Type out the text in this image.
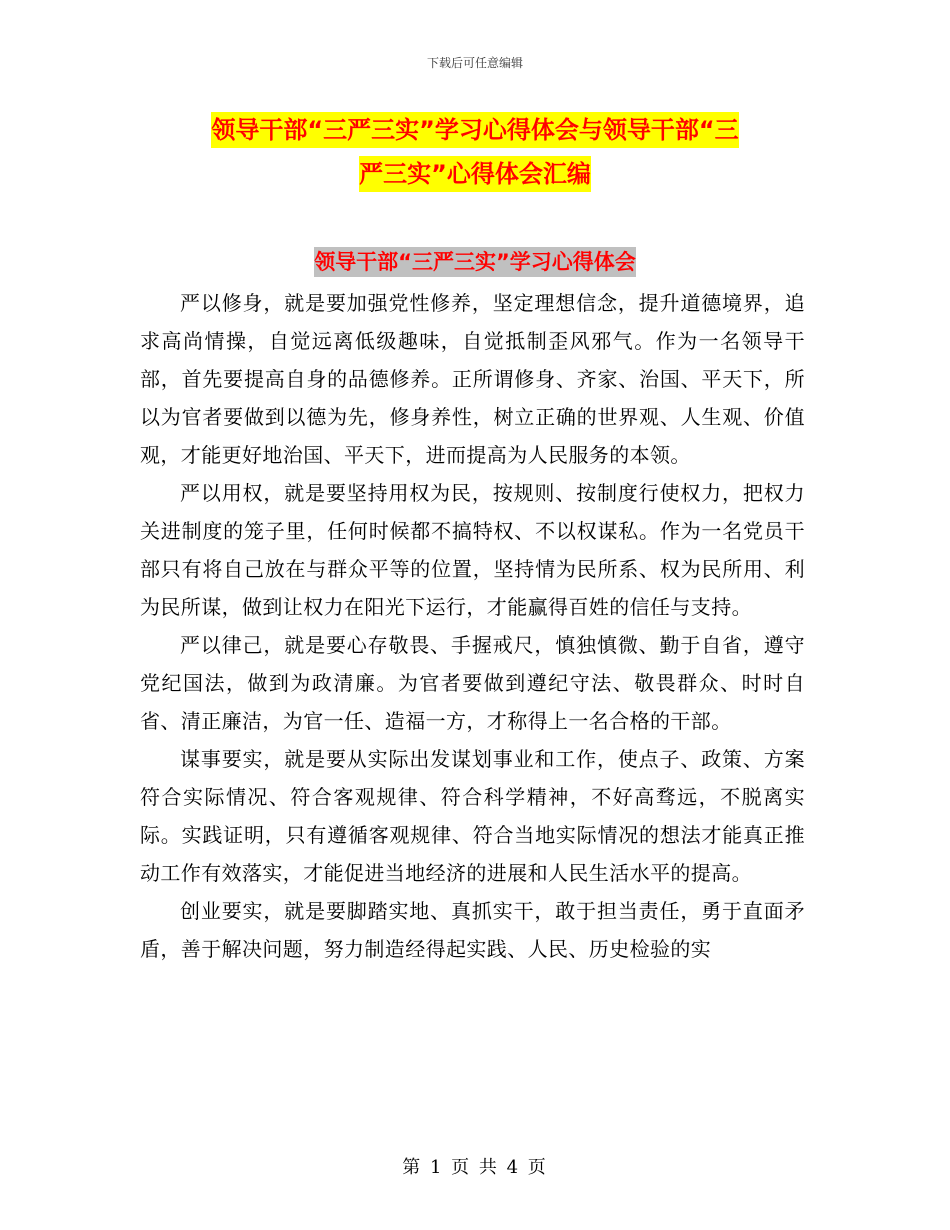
下载后可任意编辑
领导干部“三严三实”学习心得体会与领导干部“三
严三实”心得体会汇编
领导干部“三严三实”学习心得体会

严以修身，就是要加强党性修养，坚定理想信念，提升道德境界，追求高尚情操，自觉远离低级趣味，自觉抵制歪风邪气。作为一名领导干部，首先要提高自身的品德修养。正所谓修身、齐家、治国、平天下，所以为官者要做到以德为先，修身养性，树立正确的世界观、人生观、价值观，才能更好地治国、平天下，进而提高为人民服务的本领。

严以用权，就是要坚持用权为民，按规则、按制度行使权力，把权力关进制度的笼子里，任何时候都不搞特权、不以权谋私。作为一名党员干部只有将自己放在与群众平等的位置，坚持情为民所系、权为民所用、利为民所谋，做到让权力在阳光下运行，才能赢得百姓的信任与支持。

严以律己，就是要心存敬畏、手握戒尺，慎独慎微、勤于自省，遵守党纪国法，做到为政清廉。为官者要做到遵纪守法、敬畏群众、时时自省、清正廉洁，为官一任、造福一方，才称得上一名合格的干部。

谋事要实，就是要从实际出发谋划事业和工作，使点子、政策、方案符合实际情况、符合客观规律、符合科学精神，不好高骛远，不脱离实际。实践证明，只有遵循客观规律、符合当地实际情况的想法才能真正推动工作有效落实，才能促进当地经济的进展和人民生活水平的提高。

创业要实，就是要脚踏实地、真抓实干，敢于担当责任，勇于直面矛盾，善于解决问题，努力制造经得起实践、人民、历史检验的实

第 1 页 共 4 页
